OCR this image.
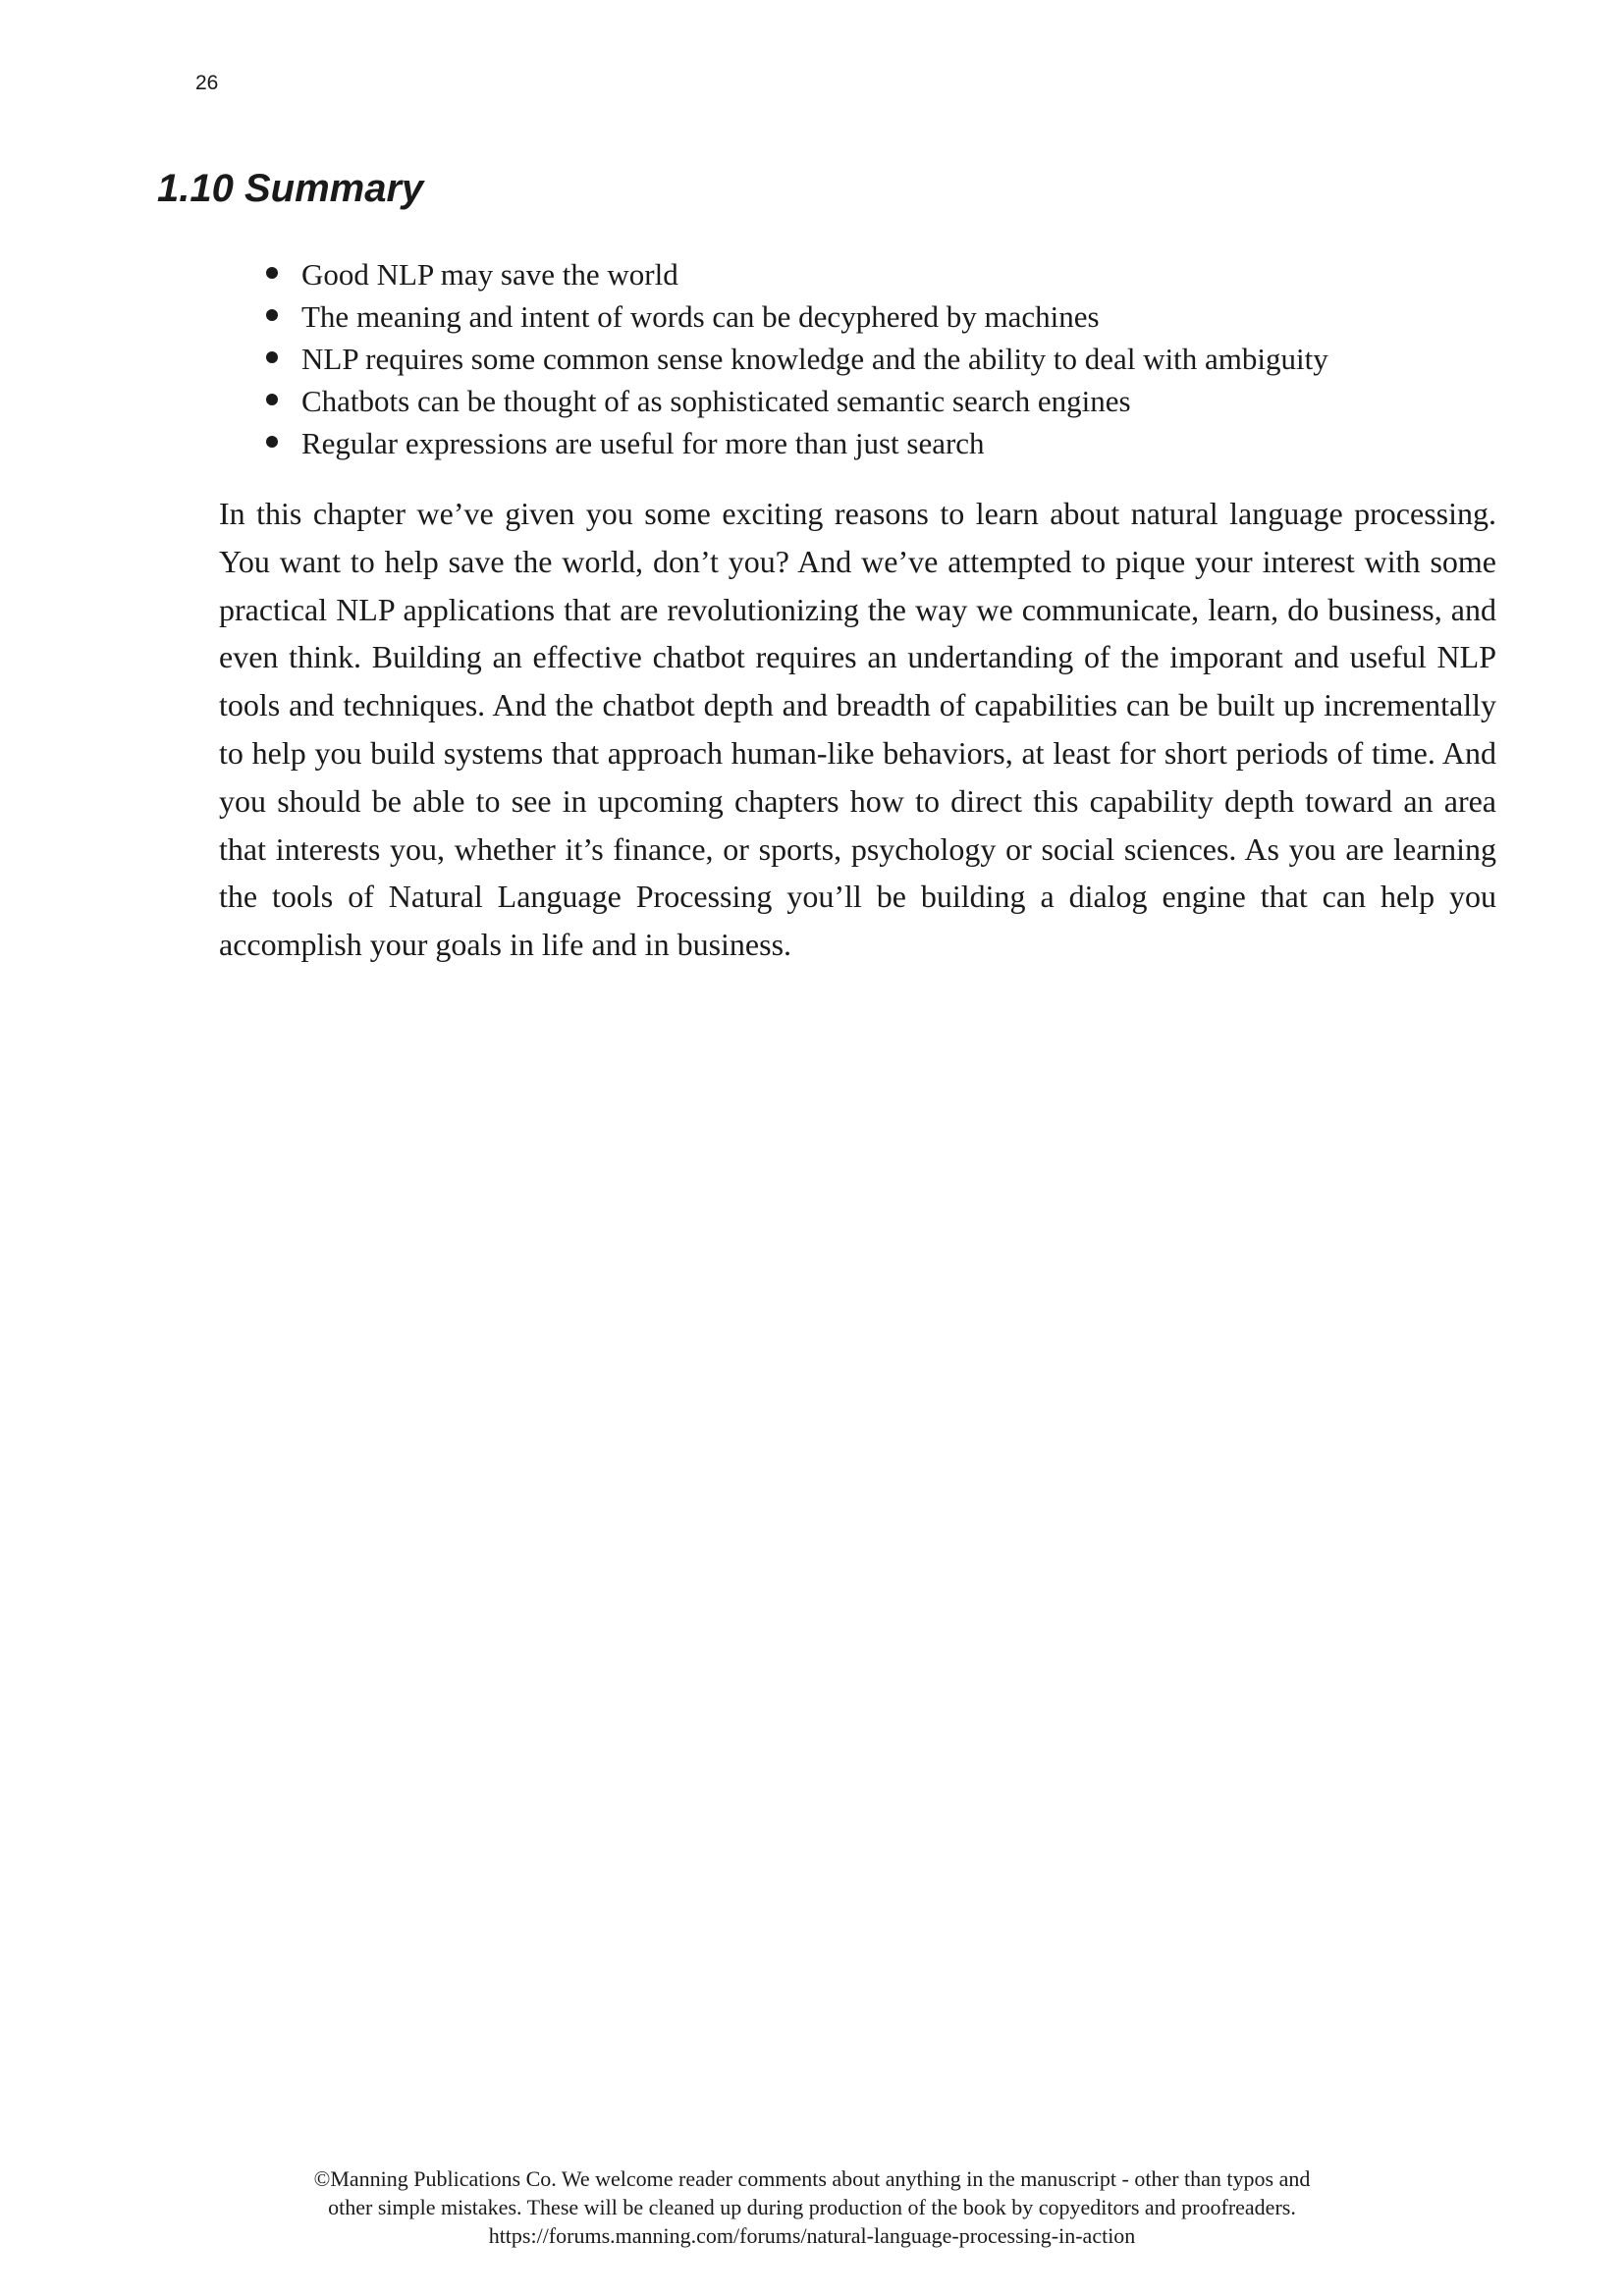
26
1.10 Summary
Good NLP may save the world
The meaning and intent of words can be decyphered by machines
NLP requires some common sense knowledge and the ability to deal with ambiguity
Chatbots can be thought of as sophisticated semantic search engines
Regular expressions are useful for more than just search

In this chapter we’ve given you some exciting reasons to learn about natural language processing. You want to help save the world, don’t you? And we’ve attempted to pique your interest with some practical NLP applications that are revolutionizing the way we communicate, learn, do business, and even think. Building an effective chatbot requires an undertanding of the imporant and useful NLP tools and techniques. And the chatbot depth and breadth of capabilities can be built up incrementally to help you build systems that approach human-like behaviors, at least for short periods of time. And you should be able to see in upcoming chapters how to direct this capability depth toward an area that interests you, whether it’s finance, or sports, psychology or social sciences. As you are learning the tools of Natural Language Processing you’ll be building a dialog engine that can help you accomplish your goals in life and in business.

©Manning Publications Co. We welcome reader comments about anything in the manuscript - other than typos and
other simple mistakes. These will be cleaned up during production of the book by copyeditors and proofreaders.
https://forums.manning.com/forums/natural-language-processing-in-action
